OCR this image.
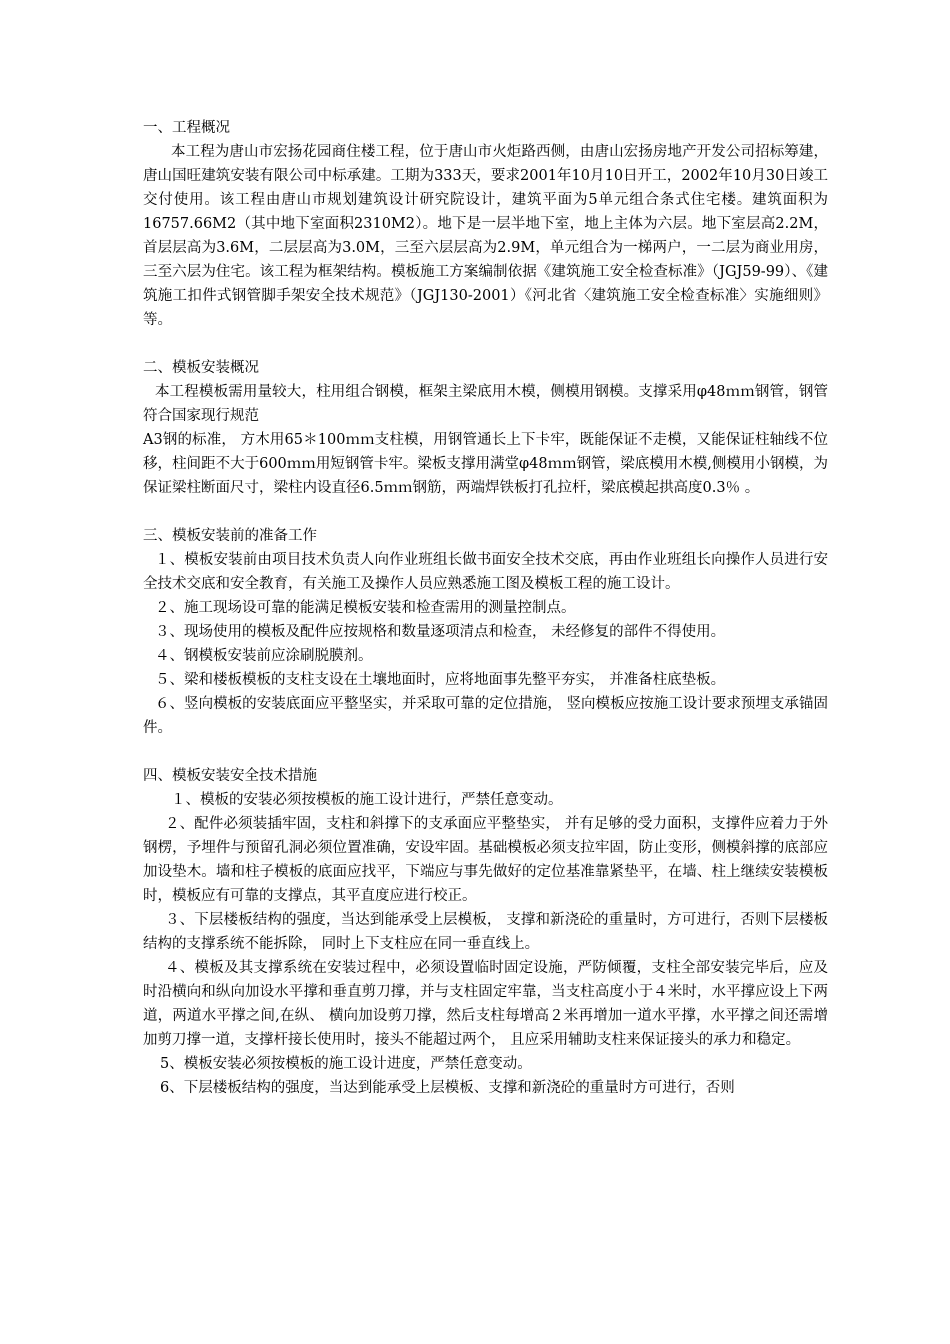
一、工程概况

本工程为唐山市宏扬花园商住楼工程，位于唐山市火炬路西侧，由唐山宏扬房地产开发公司招标筹建，唐山国旺建筑安装有限公司中标承建。工期为333天，要求2001年10月10日开工，2002年10月30日竣工交付使用。该工程由唐山市规划建筑设计研究院设计，建筑平面为5单元组合条式住宅楼。建筑面积为16757.66M2（其中地下室面积2310M2）。地下是一层半地下室，地上主体为六层。地下室层高2.2M，首层层高为3.6M，二层层高为3.0M，三至六层层高为2.9M，单元组合为一梯两户，一二层为商业用房，三至六层为住宅。该工程为框架结构。模板施工方案编制依据《建筑施工安全检查标准》（JGJ59-99）、《建筑施工扣件式钢管脚手架安全技术规范》（JGJ130-2001）《河北省〈建筑施工安全检查标准〉实施细则》等。

二、模板安装概况

本工程模板需用量较大，柱用组合钢模，框架主梁底用木模，侧模用钢模。支撑采用φ48ｍｍ钢管，钢管符合国家现行规范

A3钢的标准， 方木用65＊100ｍｍ支柱模，用钢管通长上下卡牢，既能保证不走模，又能保证柱轴线不位移，柱间距不大于600ｍｍ用短钢管卡牢。梁板支撑用满堂φ48ｍｍ钢管，梁底模用木模,侧模用小钢模，为保证梁柱断面尺寸，梁柱内设直径6.5ｍｍ钢筋，两端焊铁板打孔拉杆，梁底模起拱高度0.3％ 。

三、模板安装前的准备工作

１、模板安装前由项目技术负责人向作业班组长做书面安全技术交底，再由作业班组长向操作人员进行安全技术交底和安全教育，有关施工及操作人员应熟悉施工图及模板工程的施工设计。

２、施工现场设可靠的能满足模板安装和检查需用的测量控制点。

３、现场使用的模板及配件应按规格和数量逐项清点和检查， 未经修复的部件不得使用。

４、钢模板安装前应涂刷脱膜剂。

５、梁和楼板模板的支柱支设在土壤地面时，应将地面事先整平夯实， 并准备柱底垫板。

６、竖向模板的安装底面应平整坚实，并采取可靠的定位措施， 竖向模板应按施工设计要求预埋支承锚固件。

四、模板安装安全技术措施

１、模板的安装必须按模板的施工设计进行，严禁任意变动。

２、配件必须装插牢固，支柱和斜撑下的支承面应平整垫实， 并有足够的受力面积，支撑件应着力于外钢楞，予埋件与预留孔洞必须位置准确，安设牢固。基础模板必须支拉牢固，防止变形，侧模斜撑的底部应加设垫木。墙和柱子模板的底面应找平，下端应与事先做好的定位基准靠紧垫平，在墙、柱上继续安装模板时，模板应有可靠的支撑点，其平直度应进行校正。

３、下层楼板结构的强度，当达到能承受上层模板， 支撑和新浇砼的重量时，方可进行，否则下层楼板结构的支撑系统不能拆除， 同时上下支柱应在同一垂直线上。

４、模板及其支撑系统在安装过程中，必须设置临时固定设施，严防倾覆，支柱全部安装完毕后，应及时沿横向和纵向加设水平撑和垂直剪刀撑，并与支柱固定牢靠，当支柱高度小于４米时，水平撑应设上下两道，两道水平撑之间,在纵、 横向加设剪刀撑，然后支柱每增高２米再增加一道水平撑，水平撑之间还需增加剪刀撑一道，支撑杆接长使用时，接头不能超过两个， 且应采用辅助支柱来保证接头的承力和稳定。

5、模板安装必须按模板的施工设计进度，严禁任意变动。

6、下层楼板结构的强度，当达到能承受上层模板、支撑和新浇砼的重量时方可进行，否则
